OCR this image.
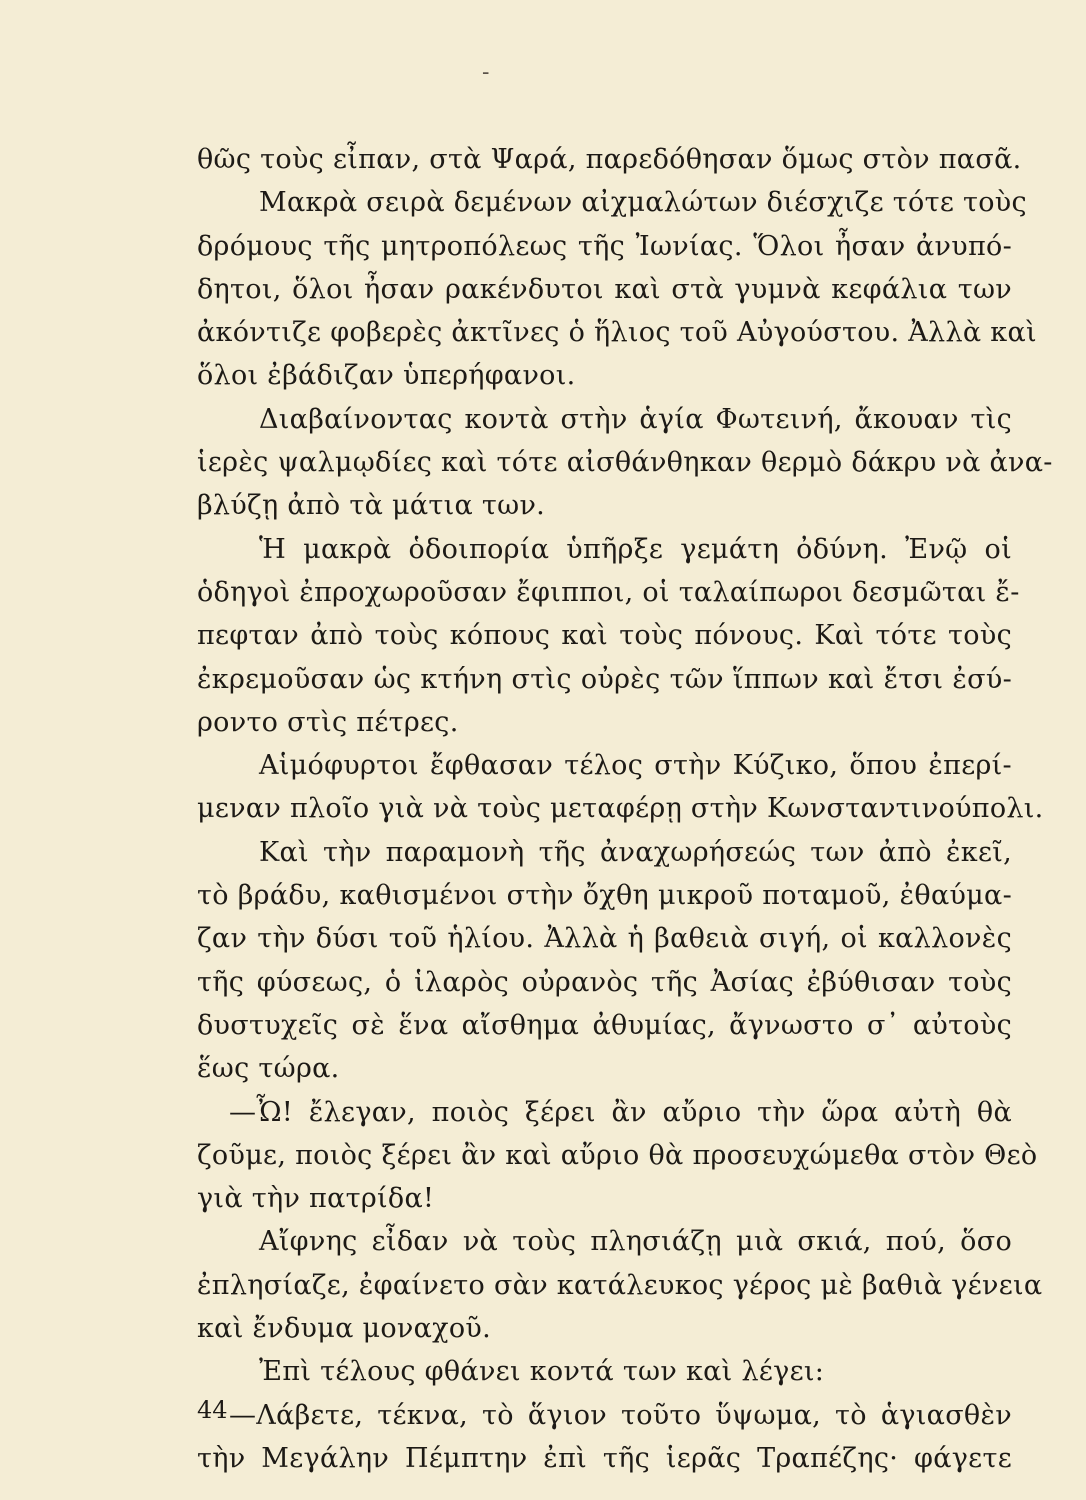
-
θῶς τοὺς εἶπαν, στὰ Ψαρά, παρεδόθησαν ὅμως στὸν πασᾶ.
Μακρὰ σειρὰ δεμένων αἰχμαλώτων διέσχιζε τότε τοὺς
δρόμους τῆς μητροπόλεως τῆς Ἰωνίας. Ὅλοι ἦσαν ἀνυπό-
δητοι, ὅλοι ἦσαν ρακένδυτοι καὶ στὰ γυμνὰ κεφάλια των
ἀκόντιζε φοβερὲς ἀκτῖνες ὁ ἥλιος τοῦ Αὐγούστου. Ἀλλὰ καὶ
ὅλοι ἐβάδιζαν ὑπερήφανοι.
Διαβαίνοντας κοντὰ στὴν ἁγία Φωτεινή, ἄκουαν τὶς
ἱερὲς ψαλμῳδίες καὶ τότε αἰσθάνθηκαν θερμὸ δάκρυ νὰ ἀνα-
βλύζῃ ἀπὸ τὰ μάτια των.
Ἡ μακρὰ ὁδοιπορία ὑπῆρξε γεμάτη ὀδύνη. Ἐνῷ οἱ
ὁδηγοὶ ἐπροχωροῦσαν ἔφιπποι, οἱ ταλαίπωροι δεσμῶται ἔ-
πεφταν ἀπὸ τοὺς κόπους καὶ τοὺς πόνους. Καὶ τότε τοὺς
ἐκρεμοῦσαν ὡς κτήνη στὶς οὐρὲς τῶν ἵππων καὶ ἔτσι ἐσύ-
ροντο στὶς πέτρες.
Αἱμόφυρτοι ἔφθασαν τέλος στὴν Κύζικο, ὅπου ἐπερί-
μεναν πλοῖο γιὰ νὰ τοὺς μεταφέρῃ στὴν Κωνσταντινούπολι.
Καὶ τὴν παραμονὴ τῆς ἀναχωρήσεώς των ἀπὸ ἐκεῖ,
τὸ βράδυ, καθισμένοι στὴν ὄχθη μικροῦ ποταμοῦ, ἐθαύμα-
ζαν τὴν δύσι τοῦ ἡλίου. Ἀλλὰ ἡ βαθειὰ σιγή, οἱ καλλονὲς
τῆς φύσεως, ὁ ἱλαρὸς οὐρανὸς τῆς Ἀσίας ἐβύθισαν τοὺς
δυστυχεῖς σὲ ἕνα αἴσθημα ἀθυμίας, ἄγνωστο σ᾽ αὐτοὺς
ἕως τώρα.
—Ὦ! ἔλεγαν, ποιὸς ξέρει ἂν αὔριο τὴν ὥρα αὐτὴ θὰ
ζοῦμε, ποιὸς ξέρει ἂν καὶ αὔριο θὰ προσευχώμεθα στὸν Θεὸ
γιὰ τὴν πατρίδα!
Αἴφνης εἶδαν νὰ τοὺς πλησιάζῃ μιὰ σκιά, πού, ὅσο
ἐπλησίαζε, ἐφαίνετο σὰν κατάλευκος γέρος μὲ βαθιὰ γένεια
καὶ ἔνδυμα μοναχοῦ.
Ἐπὶ τέλους φθάνει κοντά των καὶ λέγει:
—Λάβετε, τέκνα, τὸ ἅγιον τοῦτο ὕψωμα, τὸ ἁγιασθὲν
τὴν Μεγάλην Πέμπτην ἐπὶ τῆς ἱερᾶς Τραπέζης· φάγετε
44
